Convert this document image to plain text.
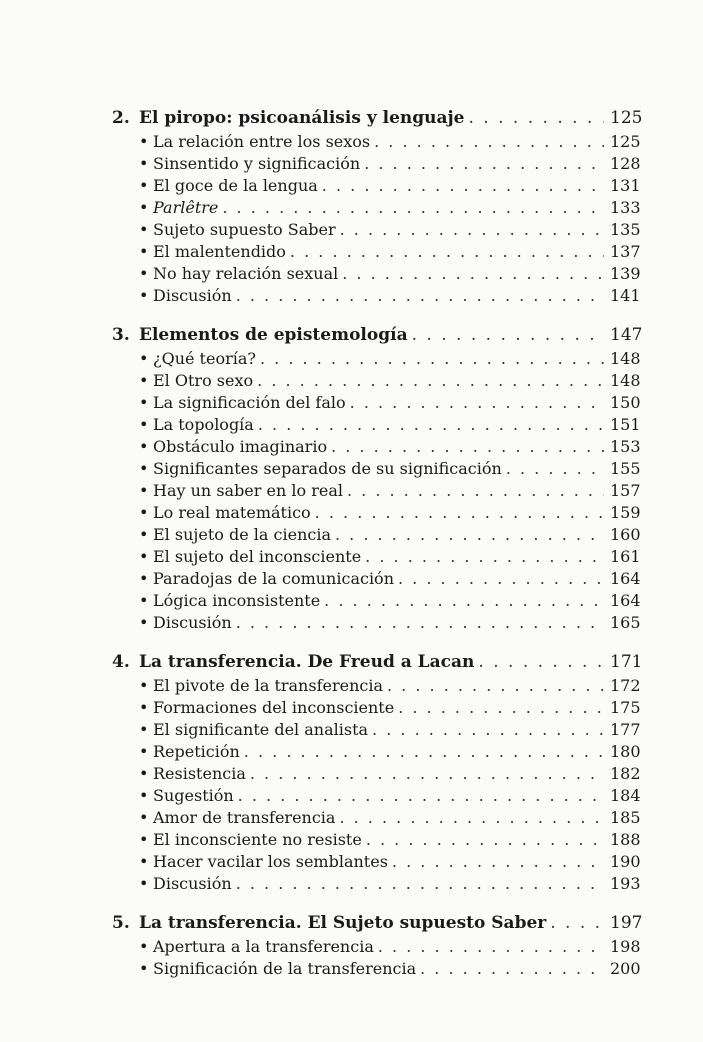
2. El piropo: psicoanálisis y lenguaje . . .	125
• La relación entre los sexos . . .	125
• Sinsentido y significación . . .	128
• El goce de la lengua . . .	131
• Parlêtre . . .	133
• Sujeto supuesto Saber . . .	135
• El malentendido . . .	137
• No hay relación sexual . . .	139
• Discusión . . .	141
3. Elementos de epistemología . . .	147
• ¿Qué teoría? . . .	148
• El Otro sexo . . .	148
• La significación del falo . . .	150
• La topología . . .	151
• Obstáculo imaginario . . .	153
• Significantes separados de su significación . . .	155
• Hay un saber en lo real . . .	157
• Lo real matemático . . .	159
• El sujeto de la ciencia . . .	160
• El sujeto del inconsciente . . .	161
• Paradojas de la comunicación . . .	164
• Lógica inconsistente . . .	164
• Discusión . . .	165
4. La transferencia. De Freud a Lacan . . .	171
• El pivote de la transferencia . . .	172
• Formaciones del inconsciente . . .	175
• El significante del analista . . .	177
• Repetición . . .	180
• Resistencia . . .	182
• Sugestión . . .	184
• Amor de transferencia . . .	185
• El inconsciente no resiste . . .	188
• Hacer vacilar los semblantes . . .	190
• Discusión . . .	193
5. La transferencia. El Sujeto supuesto Saber . . .	197
• Apertura a la transferencia . . .	198
• Significación de la transferencia . . .	200
